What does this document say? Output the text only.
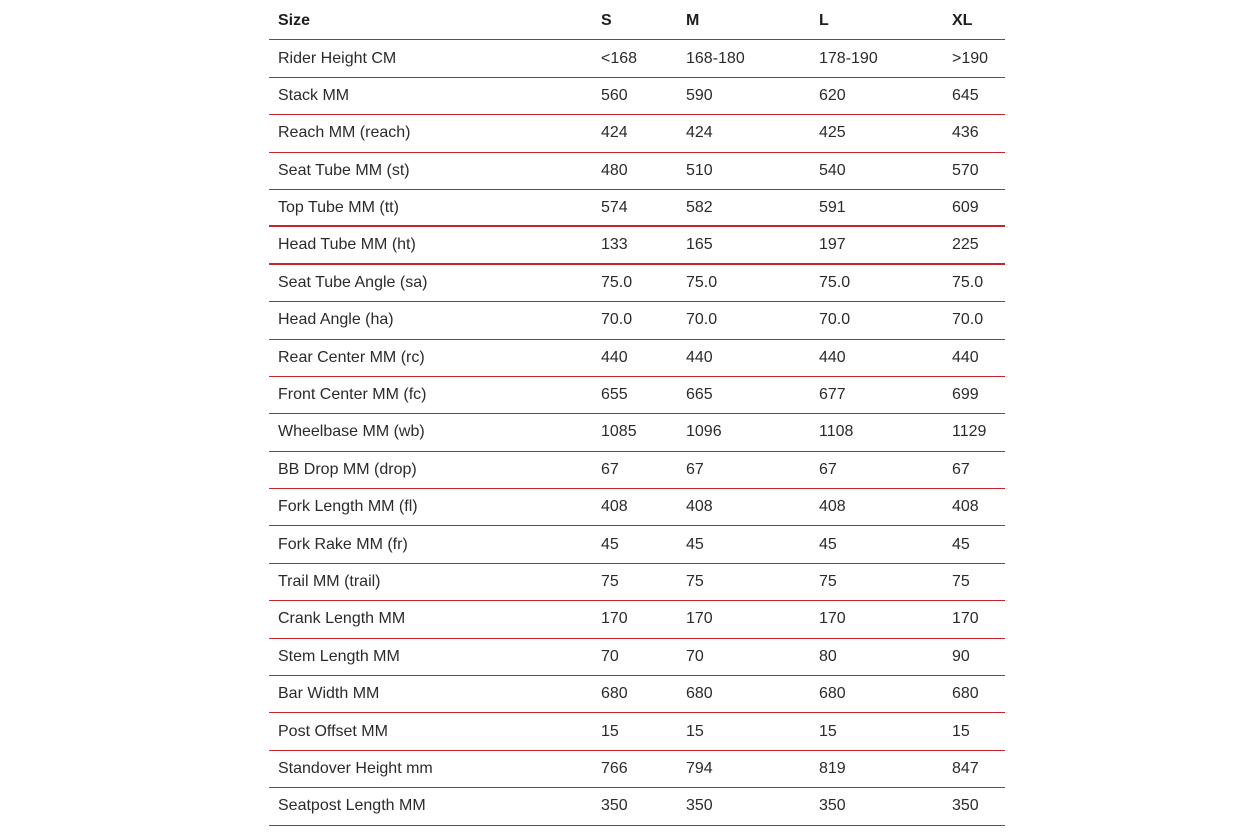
Size	S	M	L	XL
Rider Height CM	<168	168-180	178-190	>190
Stack MM	560	590	620	645
Reach MM (reach)	424	424	425	436
Seat Tube MM (st)	480	510	540	570
Top Tube MM (tt)	574	582	591	609
Head Tube MM (ht)	133	165	197	225
Seat Tube Angle (sa)	75.0	75.0	75.0	75.0
Head Angle (ha)	70.0	70.0	70.0	70.0
Rear Center MM (rc)	440	440	440	440
Front Center MM (fc)	655	665	677	699
Wheelbase MM (wb)	1085	1096	1108	1129
BB Drop MM (drop)	67	67	67	67
Fork Length MM (fl)	408	408	408	408
Fork Rake MM (fr)	45	45	45	45
Trail MM (trail)	75	75	75	75
Crank Length MM	170	170	170	170
Stem Length MM	70	70	80	90
Bar Width MM	680	680	680	680
Post Offset MM	15	15	15	15
Standover Height mm	766	794	819	847
Seatpost Length MM	350	350	350	350
